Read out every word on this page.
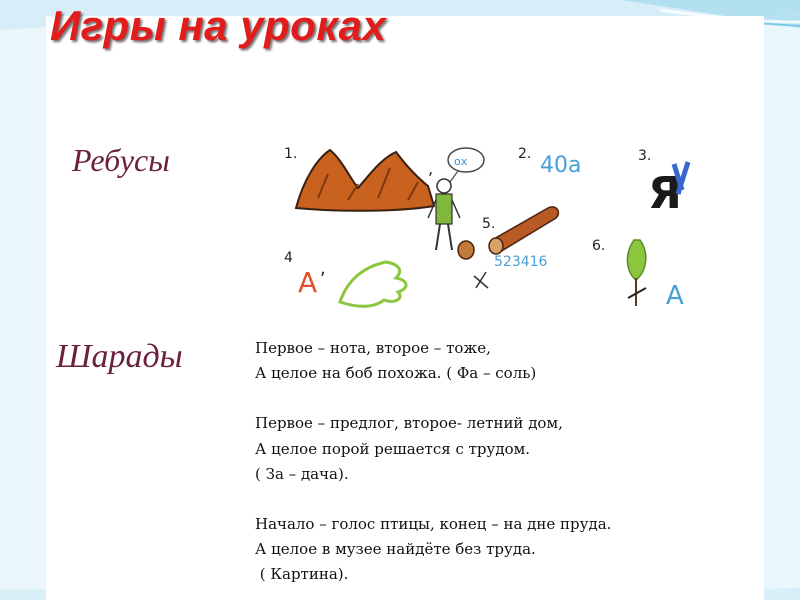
Игры на уроках
Ребусы
Шарады
1.	2.	3.
4
5.
6.
, ох	40а
Я
523416
А ,
А
Первое – нота, второе – тоже,
А целое на боб похожа. ( Фа – соль)
Первое – предлог, второе- летний дом,
А целое порой решается с трудом.
( За – дача).
Начало – голос птицы, конец – на дне пруда.
А целое в музее найдёте без труда.
( Картина).
